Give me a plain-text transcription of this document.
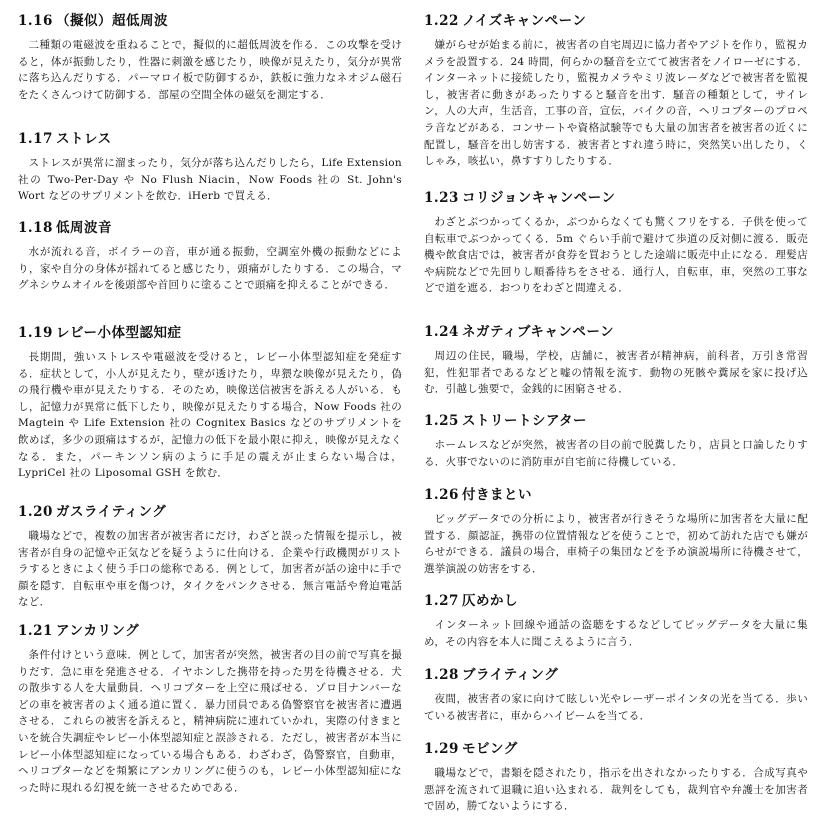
1.16 （擬似）超低周波

二種類の電磁波を重ねることで，擬似的に超低周波を作る．この攻撃を受けると，体が振動したり，性器に刺激を感じたり，映像が見えたり，気分が異常に落ち込んだりする．パーマロイ板で防御するか，鉄板に強力なネオジム磁石をたくさんつけて防御する．部屋の空間全体の磁気を測定する．

1.17 ストレス

ストレスが異常に溜まったり，気分が落ち込んだりしたら，Life Extension 社の Two-Per-Day や No Flush Niacin，Now Foods 社の St. John's Wort などのサプリメントを飲む．iHerb で買える．

1.18 低周波音

水が流れる音，ボイラーの音，車が通る振動，空調室外機の振動などにより，家や自分の身体が揺れてると感じたり，頭痛がしたりする．この場合，マグネシウムオイルを後頭部や首回りに塗ることで頭痛を抑えることができる．

1.19 レビー小体型認知症

長期間，強いストレスや電磁波を受けると，レビー小体型認知症を発症する．症状として，小人が見えたり，壁が透けたり，卑猥な映像が見えたり，偽の飛行機や車が見えたりする．そのため，映像送信被害を訴える人がいる．もし，記憶力が異常に低下したり，映像が見えたりする場合，Now Foods 社の Magtein や Life Extension 社の Cognitex Basics などのサプリメントを飲めば，多少の頭痛はするが，記憶力の低下を最小限に抑え，映像が見えなくなる．また，パーキンソン病のように手足の震えが止まらない場合は，LypriCel 社の Liposomal GSH を飲む．

1.20 ガスライティング

職場などで，複数の加害者が被害者にだけ，わざと誤った情報を提示し，被害者が自身の記憶や正気などを疑うように仕向ける．企業や行政機関がリストラするときによく使う手口の総称である．例として，加害者が話の途中に手で顔を隠す．自転車や車を傷つけ，タイクをパンクさせる．無言電話や脅迫電話など．

1.21 アンカリング

条件付けという意味．例として，加害者が突然，被害者の目の前で写真を撮りだす．急に車を発進させる．イヤホンした携帯を持った男を待機させる．犬の散歩する人を大量動員．ヘリコプターを上空に飛ばせる．ゾロ目ナンバーなどの車を被害者のよく通る道に置く．暴力団員である偽警察官を被害者に遭遇させる．これらの被害を訴えると，精神病院に連れていかれ，実際の付きまといを統合失調症やレビー小体型認知症と誤診される．ただし，被害者が本当にレビー小体型認知症になっている場合もある．わざわざ，偽警察官，自動車，ヘリコプターなどを頻繁にアンカリングに使うのも，レビー小体型認知症になった時に現れる幻視を統一させるためである．

1.22 ノイズキャンペーン

嫌がらせが始まる前に，被害者の自宅周辺に協力者やアジトを作り，監視カメラを設置する．24 時間，何らかの騒音を立てて被害者をノイローゼにする．インターネットに接続したり，監視カメラやミリ波レーダなどで被害者を監視し，被害者に動きがあったりすると騒音を出す．騒音の種類として，サイレン，人の大声，生活音，工事の音，宣伝，バイクの音，ヘリコプターのプロペラ音などがある．コンサートや資格試験等でも大量の加害者を被害者の近くに配置し，騒音を出し妨害する．被害者とすれ違う時に，突然笑い出したり，くしゃみ，咳払い，鼻すすりしたりする．

1.23 コリジョンキャンペーン

わざとぶつかってくるか，ぶつからなくても驚くフリをする．子供を使って自転車でぶつかってくる．5m ぐらい手前で避けて歩道の反対側に渡る．販売機や飲食店では，被害者が食券を買おうとした途端に販売中止になる．理髪店や病院などで先回りし順番待ちをさせる．通行人，自転車，車，突然の工事などで道を遮る．おつりをわざと間違える．

1.24 ネガティブキャンペーン

周辺の住民，職場，学校，店舗に，被害者が精神病，前科者，万引き常習犯，性犯罪者であるなどと嘘の情報を流す．動物の死骸や糞尿を家に投げ込む．引越し強要で，金銭的に困窮させる．

1.25 ストリートシアター

ホームレスなどが突然，被害者の目の前で脱糞したり，店員と口論したりする．火事でないのに消防車が自宅前に待機している．

1.26 付きまとい

ビッグデータでの分析により，被害者が行きそうな場所に加害者を大量に配置する．顔認証，携帯の位置情報などを使うことで，初めて訪れた店でも嫌がらせができる．議員の場合，車椅子の集団などを予め演説場所に待機させて，選挙演説の妨害をする．

1.27 仄めかし

インターネット回線や通話の盗聴をするなどしてビッグデータを大量に集め，その内容を本人に聞こえるように言う．

1.28 ブライティング

夜間，被害者の家に向けて眩しい光やレーザーポインタの光を当てる．歩いている被害者に，車からハイビームを当てる．

1.29 モビング

職場などで，書類を隠されたり，指示を出されなかったりする．合成写真や悪評を流されて退職に追い込まれる．裁判をしても，裁判官や弁護士を加害者で固め，勝てないようにする．
